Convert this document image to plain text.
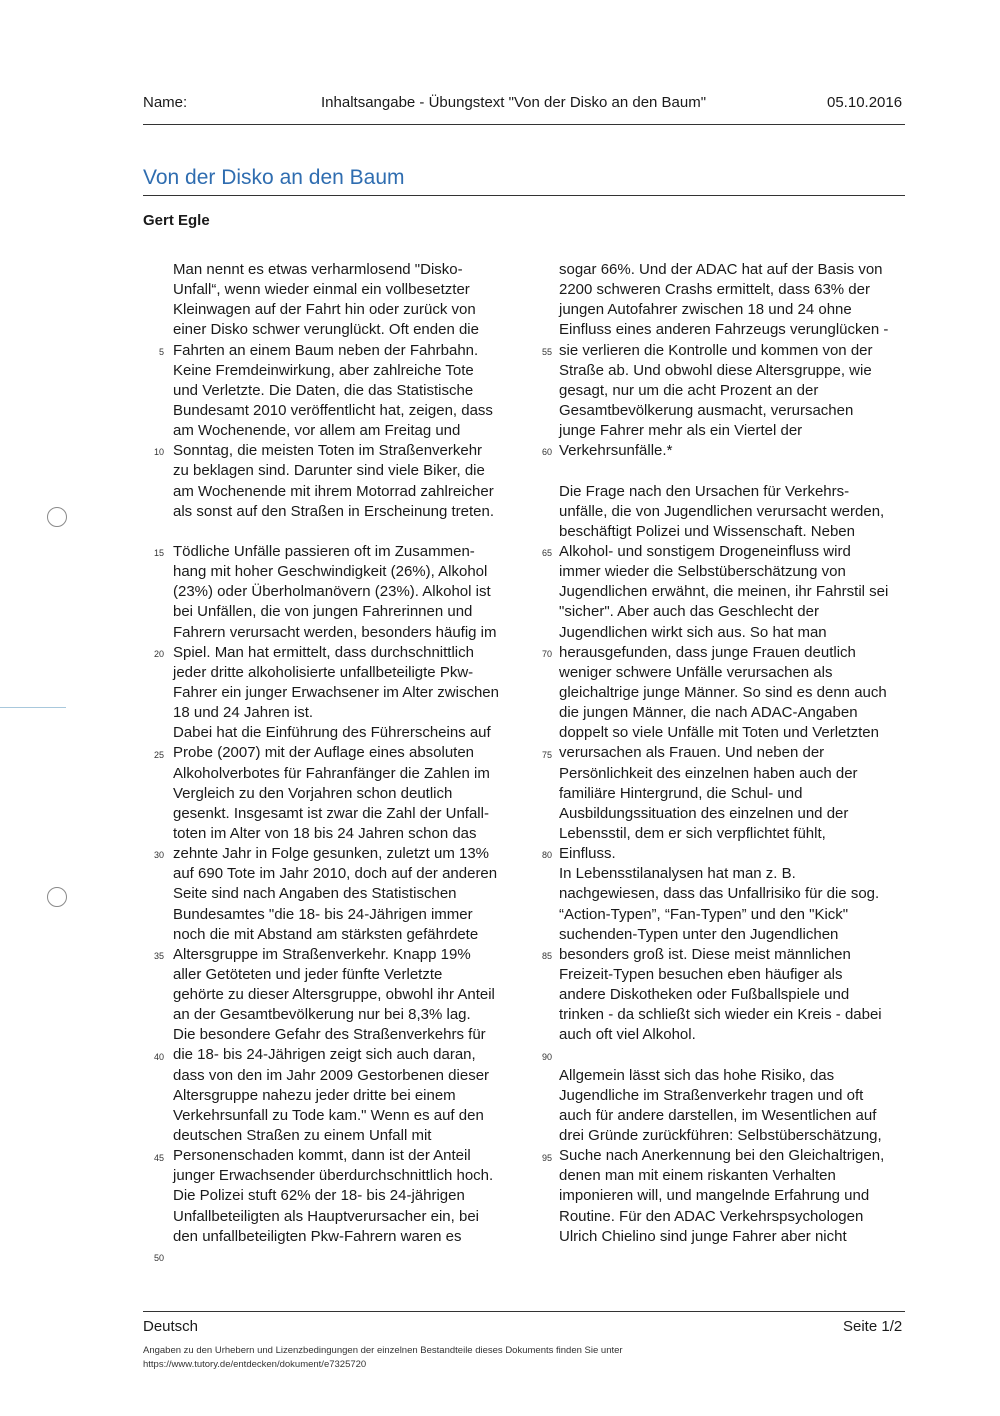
Name:	Inhaltsangabe - Übungstext "Von der Disko an den Baum"	05.10.2016
Von der Disko an den Baum
Gert Egle
Man nennt es etwas verharmlosend "Disko-
Unfall“, wenn wieder einmal ein vollbesetzter
Kleinwagen auf der Fahrt hin oder zurück von
einer Disko schwer verunglückt. Oft enden die
Fahrten an einem Baum neben der Fahrbahn.
Keine Fremdeinwirkung, aber zahlreiche Tote
und Verletzte. Die Daten, die das Statistische
Bundesamt 2010 veröffentlicht hat, zeigen, dass
am Wochenende, vor allem am Freitag und
Sonntag, die meisten Toten im Straßenverkehr
zu beklagen sind. Darunter sind viele Biker, die
am Wochenende mit ihrem Motorrad zahlreicher
als sonst auf den Straßen in Erscheinung treten.
Tödliche Unfälle passieren oft im Zusammen-
hang mit hoher Geschwindigkeit (26%), Alkohol
(23%) oder Überholmanövern (23%). Alkohol ist
bei Unfällen, die von jungen Fahrerinnen und
Fahrern verursacht werden, besonders häufig im
Spiel. Man hat ermittelt, dass durchschnittlich
jeder dritte alkoholisierte unfallbeteiligte Pkw-
Fahrer ein junger Erwachsener im Alter zwischen
18 und 24 Jahren ist.
Dabei hat die Einführung des Führerscheins auf
Probe (2007) mit der Auflage eines absoluten
Alkoholverbotes für Fahranfänger die Zahlen im
Vergleich zu den Vorjahren schon deutlich
gesenkt. Insgesamt ist zwar die Zahl der Unfall-
toten im Alter von 18 bis 24 Jahren schon das
zehnte Jahr in Folge gesunken, zuletzt um 13%
auf 690 Tote im Jahr 2010, doch auf der anderen
Seite sind nach Angaben des Statistischen
Bundesamtes "die 18- bis 24-Jährigen immer
noch die mit Abstand am stärksten gefährdete
Altersgruppe im Straßenverkehr. Knapp 19%
aller Getöteten und jeder fünfte Verletzte
gehörte zu dieser Altersgruppe, obwohl ihr Anteil
an der Gesamtbevölkerung nur bei 8,3% lag.
Die besondere Gefahr des Straßenverkehrs für
die 18- bis 24-Jährigen zeigt sich auch daran,
dass von den im Jahr 2009 Gestorbenen dieser
Altersgruppe nahezu jeder dritte bei einem
Verkehrsunfall zu Tode kam." Wenn es auf den
deutschen Straßen zu einem Unfall mit
Personenschaden kommt, dann ist der Anteil
junger Erwachsender überdurchschnittlich hoch.
Die Polizei stuft 62% der 18- bis 24-jährigen
Unfallbeteiligten als Hauptverursacher ein, bei
den unfallbeteiligten Pkw-Fahrern waren es
sogar 66%. Und der ADAC hat auf der Basis von
2200 schweren Crashs ermittelt, dass 63% der
jungen Autofahrer zwischen 18 und 24 ohne
Einfluss eines anderen Fahrzeugs verunglücken -
sie verlieren die Kontrolle und kommen von der
Straße ab. Und obwohl diese Altersgruppe, wie
gesagt, nur um die acht Prozent an der
Gesamtbevölkerung ausmacht, verursachen
junge Fahrer mehr als ein Viertel der
Verkehrsunfälle.*
Die Frage nach den Ursachen für Verkehrs-
unfälle, die von Jugendlichen verursacht werden,
beschäftigt Polizei und Wissenschaft. Neben
Alkohol- und sonstigem Drogeneinfluss wird
immer wieder die Selbstüberschätzung von
Jugendlichen erwähnt, die meinen, ihr Fahrstil sei
"sicher". Aber auch das Geschlecht der
Jugendlichen wirkt sich aus. So hat man
herausgefunden, dass junge Frauen deutlich
weniger schwere Unfälle verursachen als
gleichaltrige junge Männer. So sind es denn auch
die jungen Männer, die nach ADAC-Angaben
doppelt so viele Unfälle mit Toten und Verletzten
verursachen als Frauen. Und neben der
Persönlichkeit des einzelnen haben auch der
familiäre Hintergrund, die Schul- und
Ausbildungssituation des einzelnen und der
Lebensstil, dem er sich verpflichtet fühlt,
Einfluss.
In Lebensstilanalysen hat man z. B.
nachgewiesen, dass das Unfallrisiko für die sog.
“Action-Typen”, “Fan-Typen” und den "Kick"
suchenden-Typen unter den Jugendlichen
besonders groß ist. Diese meist männlichen
Freizeit-Typen besuchen eben häufiger als
andere Diskotheken oder Fußballspiele und
trinken - da schließt sich wieder ein Kreis - dabei
auch oft viel Alkohol.
Allgemein lässt sich das hohe Risiko, das
Jugendliche im Straßenverkehr tragen und oft
auch für andere darstellen, im Wesentlichen auf
drei Gründe zurückführen: Selbstüberschätzung,
Suche nach Anerkennung bei den Gleichaltrigen,
denen man mit einem riskanten Verhalten
imponieren will, und mangelnde Erfahrung und
Routine. Für den ADAC Verkehrspsychologen
Ulrich Chielino sind junge Fahrer aber nicht
5
10
15
20
25
30
35
40
45
50
55
60
65
70
75
80
85
90
95
Deutsch	Seite 1/2
Angaben zu den Urhebern und Lizenzbedingungen der einzelnen Bestandteile dieses Dokuments finden Sie unter
https://www.tutory.de/entdecken/dokument/e7325720
